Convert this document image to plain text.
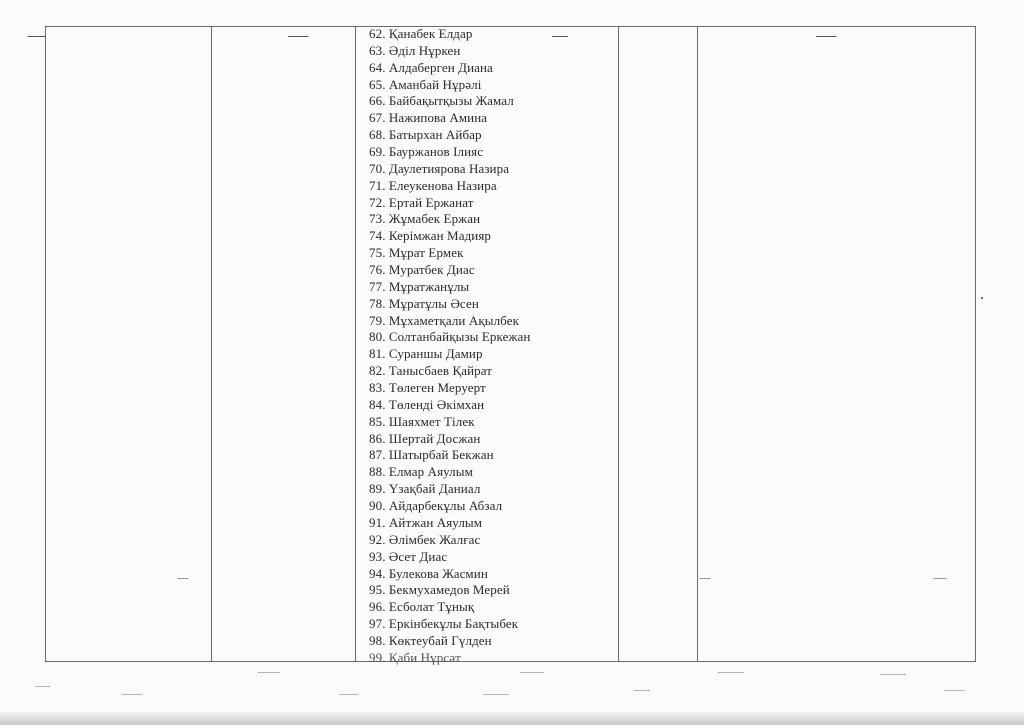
62. Қанабек Елдар
63. Әділ Нұркен
64. Алдаберген Диана
65. Аманбай Нұрәлі
66. Байбақытқызы Жамал
67. Нажипова Амина
68. Батырхан Айбар
69. Бауржанов Ілияс
70. Даулетиярова Назира
71. Елеукенова Назира
72. Ертай Ержанат
73. Жұмабек Ержан
74. Керімжан Мадияр
75. Мұрат Ермек
76. Муратбек Диас
77. Мұратжанұлы
78. Мұратұлы Әсен
79. Мұхаметқали Ақылбек
80. Солтанбайқызы Еркежан
81. Сураншы Дамир
82. Танысбаев Қайрат
83. Төлеген Меруерт
84. Төленді Әкімхан
85. Шаяхмет Тілек
86. Шертай Досжан
87. Шатырбай Бекжан
88. Елмар Аяулым
89. Үзақбай Даниал
90. Айдарбекұлы Абзал
91. Айтжан Аяулым
92. Әлімбек Жалғас
93. Әсет Диас
94. Булекова Жасмин
95. Бекмухамедов Мерей
96. Есболат Тұнық
97. Еркінбекұлы Бақтыбек
98. Көктеубай Гүлден
99. Қаби Нұрсәт
